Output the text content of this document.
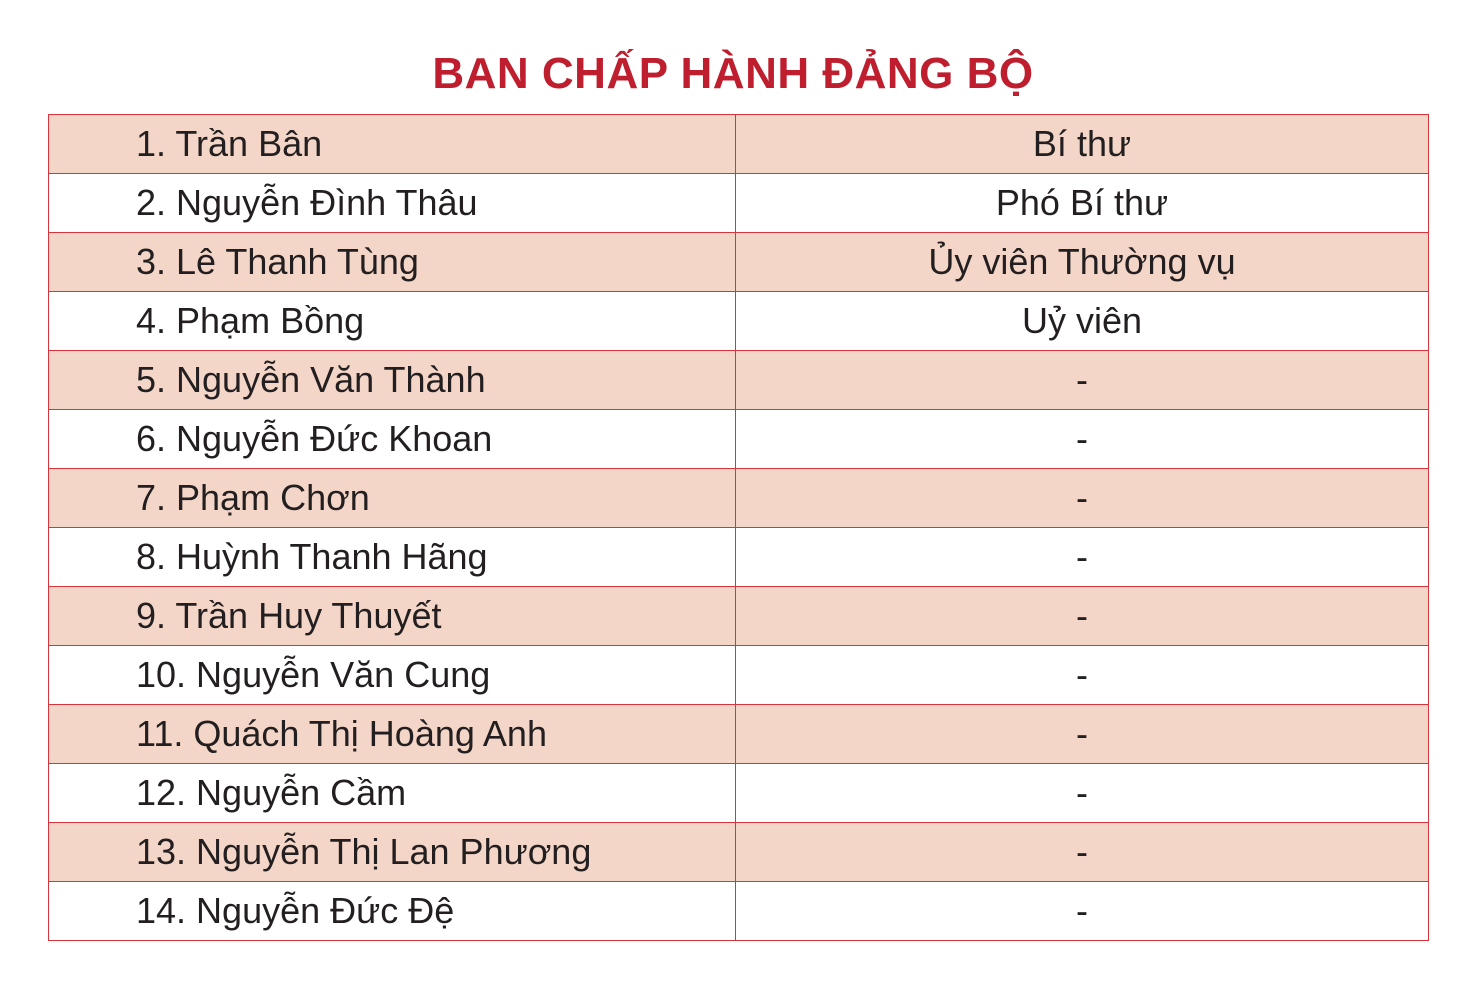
BAN CHẤP HÀNH ĐẢNG BỘ
1. Trần Bân	Bí thư
2. Nguyễn Đình Thâu	Phó Bí thư
3. Lê Thanh Tùng	Ủy viên Thường vụ
4. Phạm Bồng	Uỷ viên
5. Nguyễn Văn Thành	-
6. Nguyễn Đức Khoan	-
7. Phạm Chơn	-
8. Huỳnh Thanh Hãng	-
9. Trần Huy Thuyết	-
10. Nguyễn Văn Cung	-
11. Quách Thị Hoàng Anh	-
12. Nguyễn Cầm	-
13. Nguyễn Thị Lan Phương	-
14. Nguyễn Đức Đệ	-
